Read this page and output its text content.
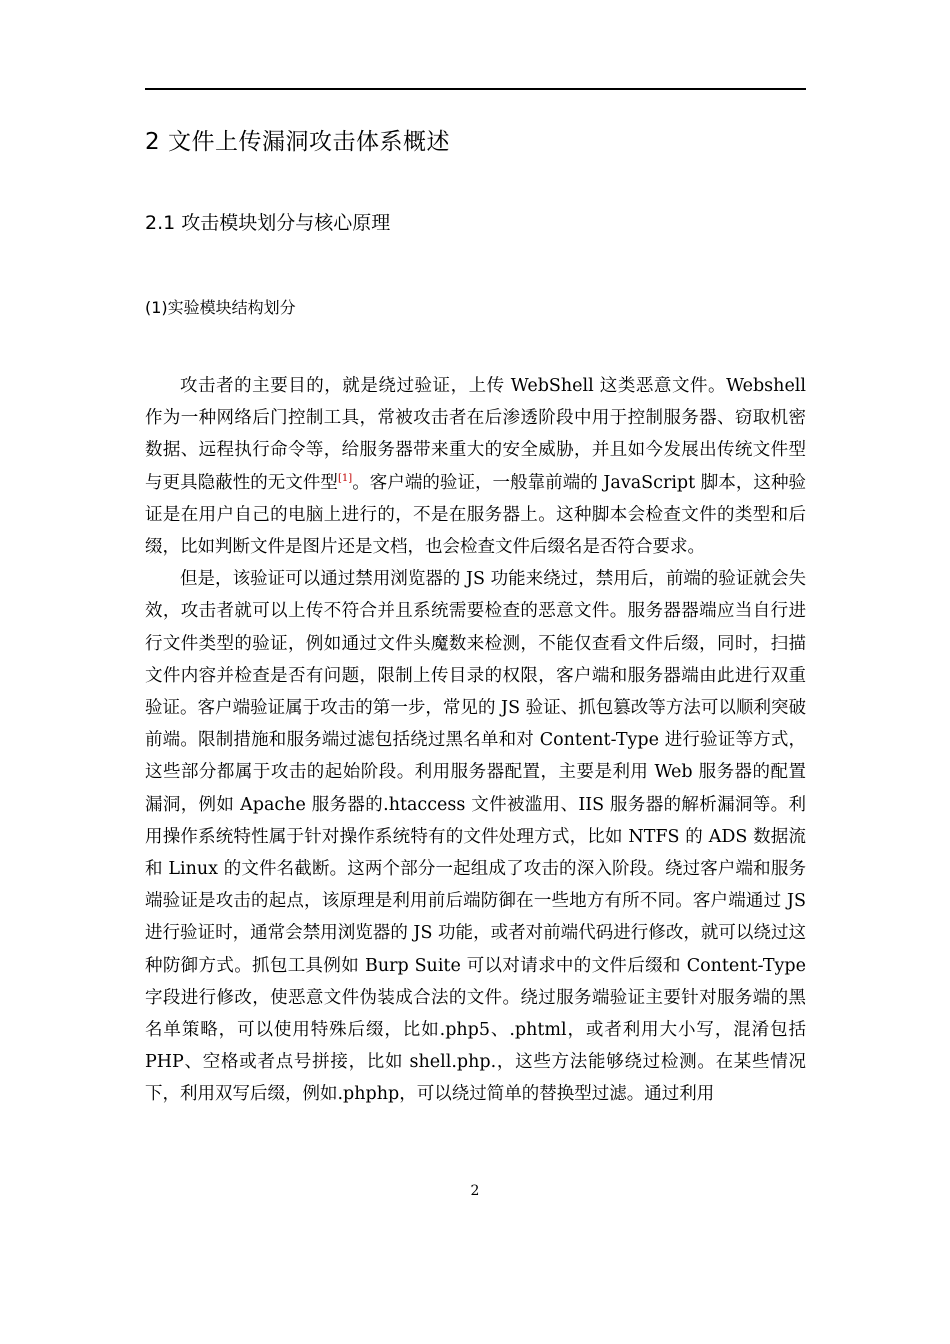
2 文件上传漏洞攻击体系概述
2.1 攻击模块划分与核心原理
(1)实验模块结构划分

攻击者的主要目的，就是绕过验证，上传 WebShell 这类恶意文件。Webshell 作为一种网络后门控制工具，常被攻击者在后渗透阶段中用于控制服务器、窃取机密数据、远程执行命令等，给服务器带来重大的安全威胁，并且如今发展出传统文件型与更具隐蔽性的无文件型[1]。客户端的验证，一般靠前端的 JavaScript 脚本，这种验证是在用户自己的电脑上进行的，不是在服务器上。这种脚本会检查文件的类型和后缀，比如判断文件是图片还是文档，也会检查文件后缀名是否符合要求。

但是，该验证可以通过禁用浏览器的 JS 功能来绕过，禁用后，前端的验证就会失效，攻击者就可以上传不符合并且系统需要检查的恶意文件。服务器器端应当自行进行文件类型的验证，例如通过文件头魔数来检测，不能仅查看文件后缀，同时，扫描文件内容并检查是否有问题，限制上传目录的权限，客户端和服务器端由此进行双重验证。客户端验证属于攻击的第一步，常见的 JS 验证、抓包篡改等方法可以顺利突破前端。限制措施和服务端过滤包括绕过黑名单和对 Content-Type 进行验证等方式，这些部分都属于攻击的起始阶段。利用服务器配置，主要是利用 Web 服务器的配置漏洞，例如 Apache 服务器的.htaccess 文件被滥用、IIS 服务器的解析漏洞等。利用操作系统特性属于针对操作系统特有的文件处理方式，比如 NTFS 的 ADS 数据流和 Linux 的文件名截断。这两个部分一起组成了攻击的深入阶段。绕过客户端和服务端验证是攻击的起点，该原理是利用前后端防御在一些地方有所不同。客户端通过 JS 进行验证时，通常会禁用浏览器的 JS 功能，或者对前端代码进行修改，就可以绕过这种防御方式。抓包工具例如 Burp Suite 可以对请求中的文件后缀和 Content-Type 字段进行修改，使恶意文件伪装成合法的文件。绕过服务端验证主要针对服务端的黑名单策略，可以使用特殊后缀，比如.php5、.phtml，或者利用大小写，混淆包括 PHP、空格或者点号拼接，比如 shell.php.，这些方法能够绕过检测。在某些情况下，利用双写后缀，例如.phphp，可以绕过简单的替换型过滤。通过利用

2
